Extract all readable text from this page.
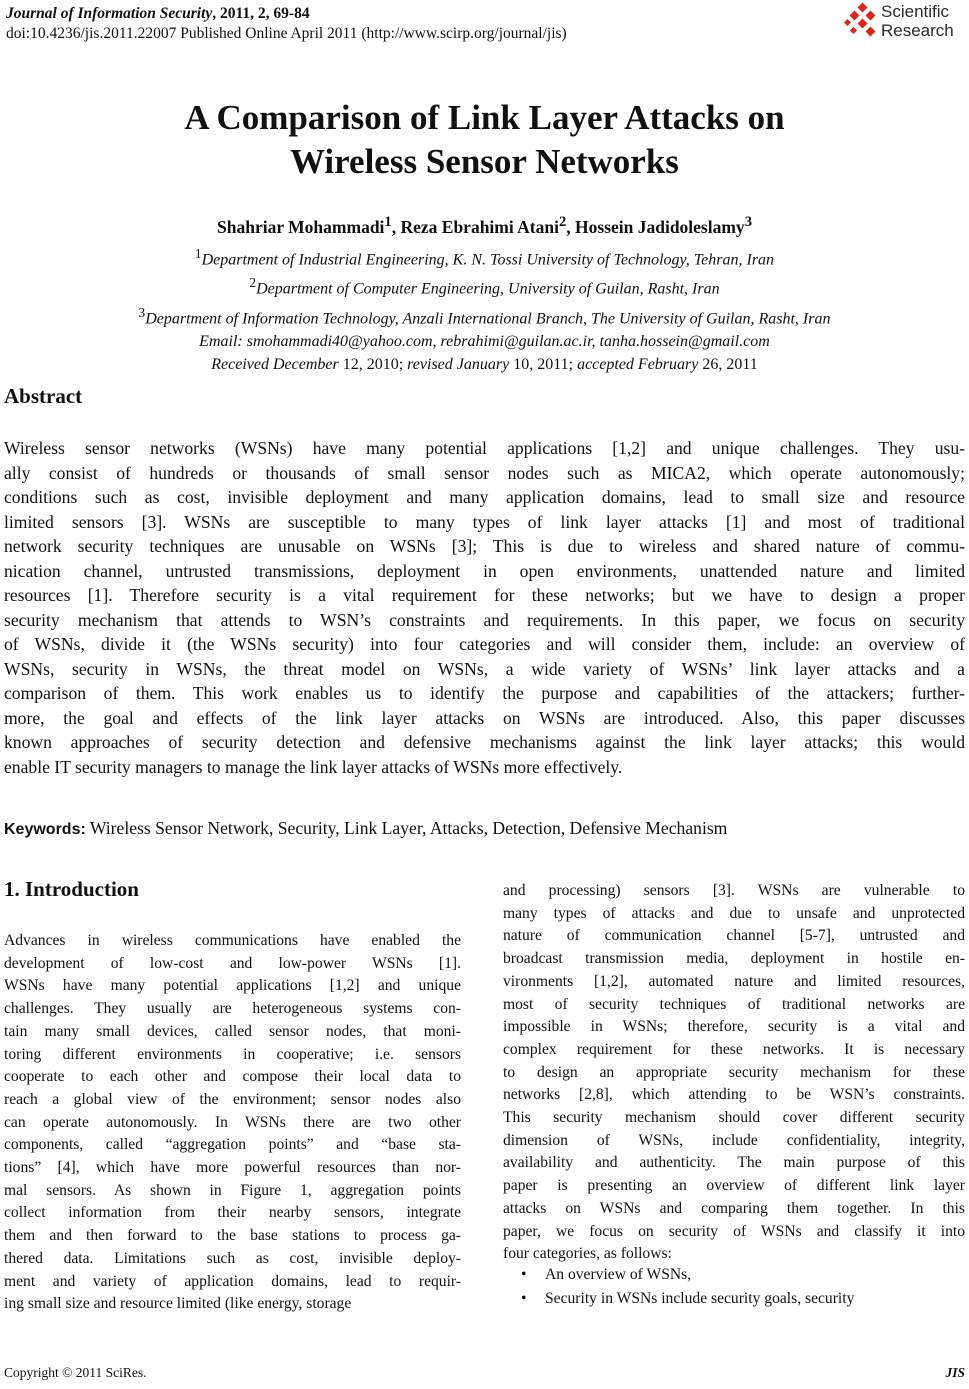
Journal of Information Security, 2011, 2, 69-84
doi:10.4236/jis.2011.22007 Published Online April 2011 (http://www.scirp.org/journal/jis)
Scientific
Research
A Comparison of Link Layer Attacks on
Wireless Sensor Networks
Shahriar Mohammadi$^1$, Reza Ebrahimi Atani$^2$, Hossein Jadidoleslamy$^3$
$^1$Department of Industrial Engineering, K. N. Tossi University of Technology, Tehran, Iran
$^2$Department of Computer Engineering, University of Guilan, Rasht, Iran
$^3$Department of Information Technology, Anzali International Branch, The University of Guilan, Rasht, Iran
Email: smohammadi40@yahoo.com, rebrahimi@guilan.ac.ir, tanha.hossein@gmail.com
Received December 12, 2010; revised January 10, 2011; accepted February 26, 2011
Abstract
Wireless sensor networks (WSNs) have many potential applications [1,2] and unique challenges. They usu-
ally consist of hundreds or thousands of small sensor nodes such as MICA2, which operate autonomously;
conditions such as cost, invisible deployment and many application domains, lead to small size and resource
limited sensors [3]. WSNs are susceptible to many types of link layer attacks [1] and most of traditional
network security techniques are unusable on WSNs [3]; This is due to wireless and shared nature of commu-
nication channel, untrusted transmissions, deployment in open environments, unattended nature and limited
resources [1]. Therefore security is a vital requirement for these networks; but we have to design a proper
security mechanism that attends to WSN’s constraints and requirements. In this paper, we focus on security
of WSNs, divide it (the WSNs security) into four categories and will consider them, include: an overview of
WSNs, security in WSNs, the threat model on WSNs, a wide variety of WSNs’ link layer attacks and a
comparison of them. This work enables us to identify the purpose and capabilities of the attackers; further-
more, the goal and effects of the link layer attacks on WSNs are introduced. Also, this paper discusses
known approaches of security detection and defensive mechanisms against the link layer attacks; this would
enable IT security managers to manage the link layer attacks of WSNs more effectively.
Keywords: Wireless Sensor Network, Security, Link Layer, Attacks, Detection, Defensive Mechanism
1. Introduction
Advances in wireless communications have enabled the
development of low-cost and low-power WSNs [1].
WSNs have many potential applications [1,2] and unique
challenges. They usually are heterogeneous systems con-
tain many small devices, called sensor nodes, that moni-
toring different environments in cooperative; i.e. sensors
cooperate to each other and compose their local data to
reach a global view of the environment; sensor nodes also
can operate autonomously. In WSNs there are two other
components, called “aggregation points” and “base sta-
tions” [4], which have more powerful resources than nor-
mal sensors. As shown in Figure 1, aggregation points
collect information from their nearby sensors, integrate
them and then forward to the base stations to process ga-
thered data. Limitations such as cost, invisible deploy-
ment and variety of application domains, lead to requir-
ing small size and resource limited (like energy, storage
and processing) sensors [3]. WSNs are vulnerable to
many types of attacks and due to unsafe and unprotected
nature of communication channel [5-7], untrusted and
broadcast transmission media, deployment in hostile en-
vironments [1,2], automated nature and limited resources,
most of security techniques of traditional networks are
impossible in WSNs; therefore, security is a vital and
complex requirement for these networks. It is necessary
to design an appropriate security mechanism for these
networks [2,8], which attending to be WSN’s constraints.
This security mechanism should cover different security
dimension of WSNs, include confidentiality, integrity,
availability and authenticity. The main purpose of this
paper is presenting an overview of different link layer
attacks on WSNs and comparing them together. In this
paper, we focus on security of WSNs and classify it into
four categories, as follows:
• An overview of WSNs,
• Security in WSNs include security goals, security
Copyright © 2011 SciRes.	JIS
